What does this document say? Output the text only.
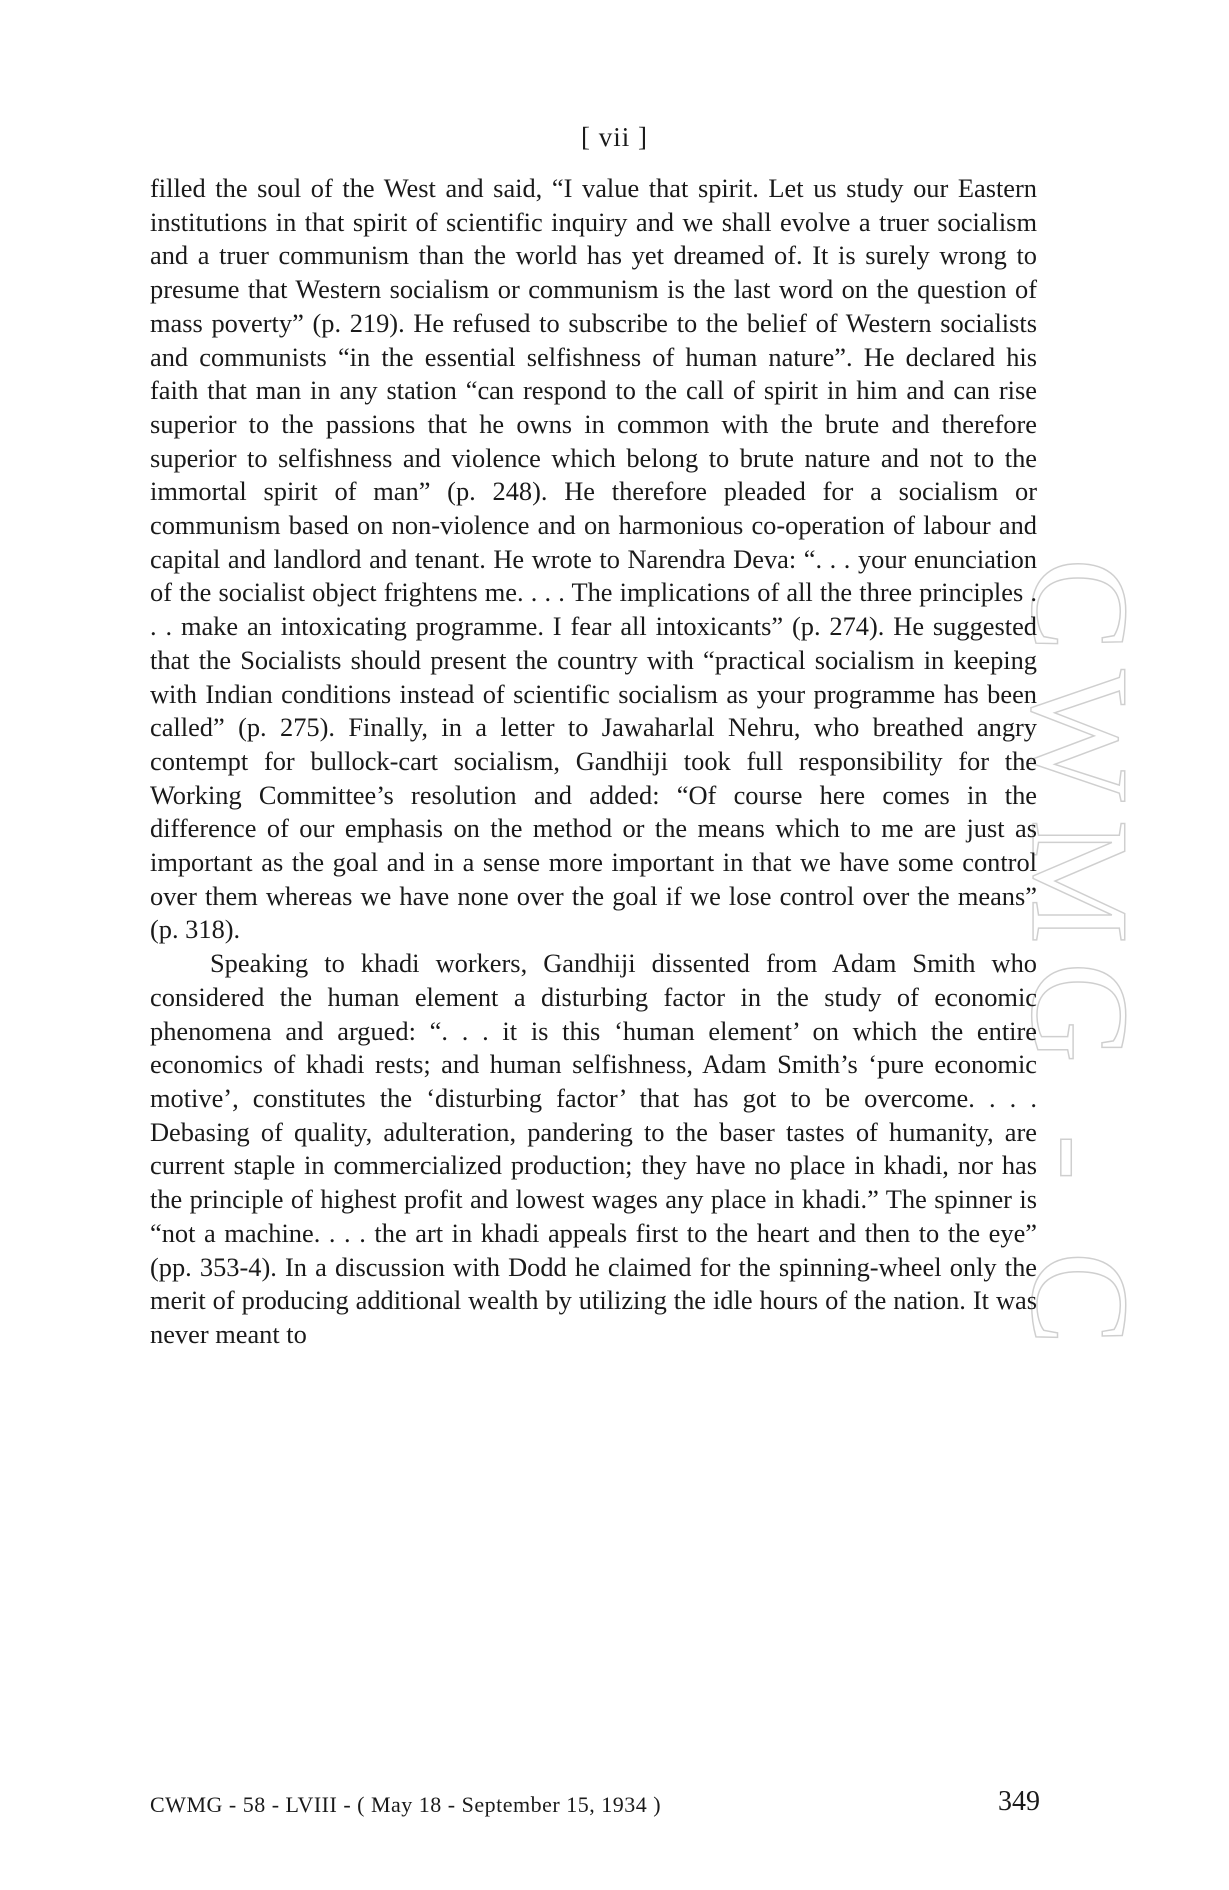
[ vii ]
CWMG - C

filled the soul of the West and said, “I value that spirit. Let us study our Eastern institutions in that spirit of scientific inquiry and we shall evolve a truer socialism and a truer communism than the world has yet dreamed of. It is surely wrong to presume that Western socialism or communism is the last word on the question of mass poverty” (p. 219). He refused to subscribe to the belief of Western socialists and communists “in the essential selfishness of human nature”. He declared his faith that man in any station “can respond to the call of spirit in him and can rise superior to the passions that he owns in common with the brute and therefore superior to selfishness and violence which belong to brute nature and not to the immortal spirit of man” (p. 248). He therefore pleaded for a socialism or communism based on non-violence and on harmonious co-operation of labour and capital and landlord and tenant. He wrote to Narendra Deva: “. . . your enunciation of the socialist object frightens me. . . . The implications of all the three principles . . . make an intoxicating programme. I fear all intoxicants” (p. 274). He suggested that the Socialists should present the country with “practical socialism in keeping with Indian conditions instead of scientific socialism as your programme has been called” (p. 275). Finally, in a letter to Jawaharlal Nehru, who breathed angry contempt for bullock-cart socialism, Gandhiji took full responsibility for the Working Committee’s resolution and added: “Of course here comes in the difference of our emphasis on the method or the means which to me are just as important as the goal and in a sense more important in that we have some control over them whereas we have none over the goal if we lose control over the means” (p. 318).

Speaking to khadi workers, Gandhiji dissented from Adam Smith who considered the human element a disturbing factor in the study of economic phenomena and argued: “. . . it is this ‘human element’ on which the entire economics of khadi rests; and human selfishness, Adam Smith’s ‘pure economic motive’, constitutes the ‘disturbing factor’ that has got to be overcome. . . . Debasing of quality, adulteration, pandering to the baser tastes of humanity, are current staple in commercialized production; they have no place in khadi, nor has the principle of highest profit and lowest wages any place in khadi.” The spinner is “not a machine. . . . the art in khadi appeals first to the heart and then to the eye” (pp. 353-4). In a discussion with Dodd he claimed for the spinning-wheel only the merit of producing additional wealth by utilizing the idle hours of the nation. It was never meant to

CWMG - 58 - LVIII - ( May 18 - September 15, 1934 )	349
